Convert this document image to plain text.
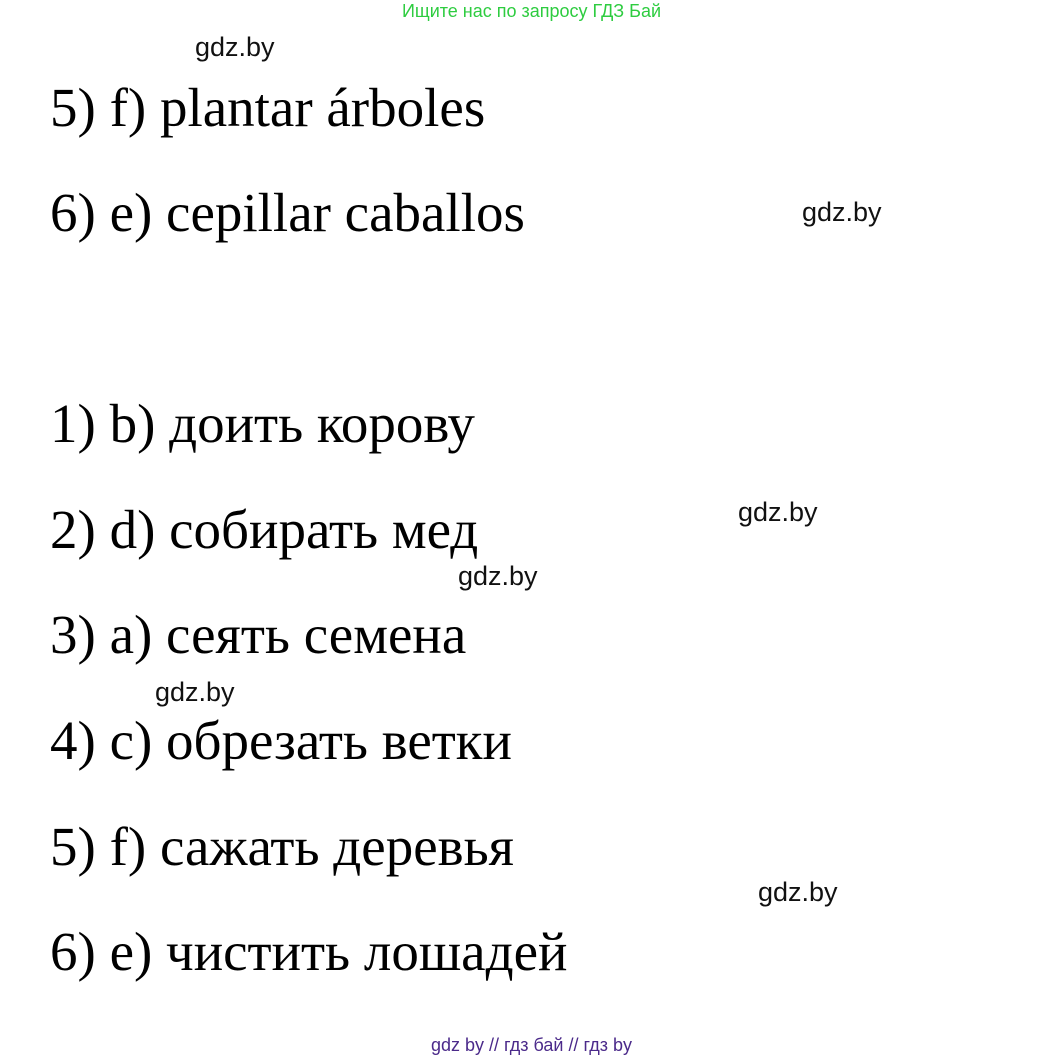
Ищите нас по запросу ГДЗ Бай
gdz.by
5) f) plantar árboles
6) e) cepillar caballos	gdz.by
1) b) доить корову
gdz.by
2) d) собирать мед
gdz.by
3) a) сеять семена
gdz.by
4) c) обрезать ветки
5) f) сажать деревья
gdz.by
6) e) чистить лошадей
gdz by // гдз бай // гдз by
